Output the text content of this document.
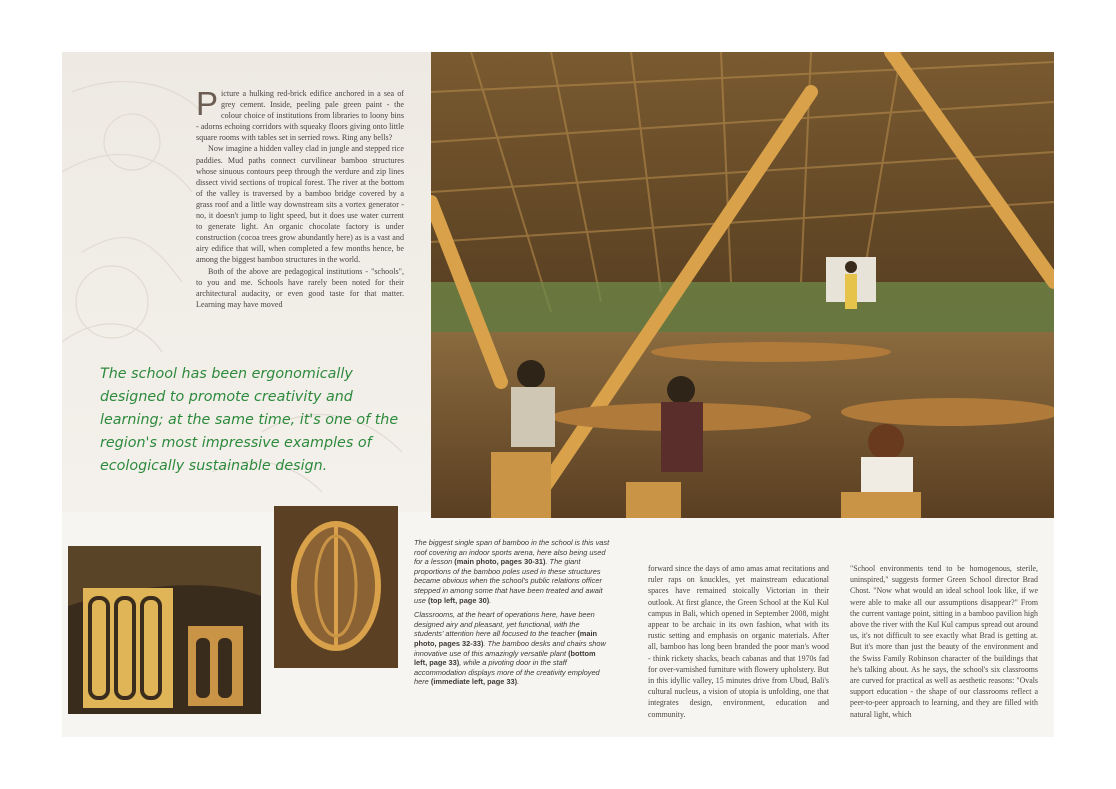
Picture a hulking red-brick edifice anchored in a sea of grey cement. Inside, peeling pale green paint - the colour choice of institutions from libraries to loony bins - adorns echoing corridors with squeaky floors giving onto little square rooms with tables set in serried rows. Ring any bells?

Now imagine a hidden valley clad in jungle and stepped rice paddies. Mud paths connect curvilinear bamboo structures whose sinuous contours peep through the verdure and zip lines dissect vivid sections of tropical forest. The river at the bottom of the valley is traversed by a bamboo bridge covered by a grass roof and a little way downstream sits a vortex generator - no, it doesn't jump to light speed, but it does use water current to generate light. An organic chocolate factory is under construction (cocoa trees grow abundantly here) as is a vast and airy edifice that will, when completed a few months hence, be among the biggest bamboo structures in the world.

Both of the above are pedagogical institutions - "schools", to you and me. Schools have rarely been noted for their architectural audacity, or even good taste for that matter. Learning may have moved

The school has been ergonomically designed to promote creativity and learning; at the same time, it's one of the region's most impressive examples of ecologically sustainable design.

The biggest single span of bamboo in the school is this vast roof covering an indoor sports arena, here also being used for a lesson (main photo, pages 30-31). The giant proportions of the bamboo poles used in these structures became obvious when the school's public relations officer stepped in among some that have been treated and await use (top left, page 30).

Classrooms, at the heart of operations here, have been designed airy and pleasant, yet functional, with the students' attention here all focused to the teacher (main photo, pages 32-33). The bamboo desks and chairs show innovative use of this amazingly versatile plant (bottom left, page 33), while a pivoting door in the staff accommodation displays more of the creativity employed here (immediate left, page 33).

forward since the days of amo amas amat recitations and ruler raps on knuckles, yet mainstream educational spaces have remained stoically Victorian in their outlook. At first glance, the Green School at the Kul Kul campus in Bali, which opened in September 2008, might appear to be archaic in its own fashion, what with its rustic setting and emphasis on organic materials. After all, bamboo has long been branded the poor man's wood - think rickety shacks, beach cabanas and that 1970s fad for over-varnished furniture with flowery upholstery. But in this idyllic valley, 15 minutes drive from Ubud, Bali's cultural nucleus, a vision of utopia is unfolding, one that integrates design, environment, education and community.

"School environments tend to be homogenous, sterile, uninspired," suggests former Green School director Brad Chost. "Now what would an ideal school look like, if we were able to make all our assumptions disappear?" From the current vantage point, sitting in a bamboo pavilion high above the river with the Kul Kul campus spread out around us, it's not difficult to see exactly what Brad is getting at. But it's more than just the beauty of the environment and the Swiss Family Robinson character of the buildings that he's talking about. As he says, the school's six classrooms are curved for practical as well as aesthetic reasons: "Ovals support education - the shape of our classrooms reflect a peer-to-peer approach to learning, and they are filled with natural light, which
